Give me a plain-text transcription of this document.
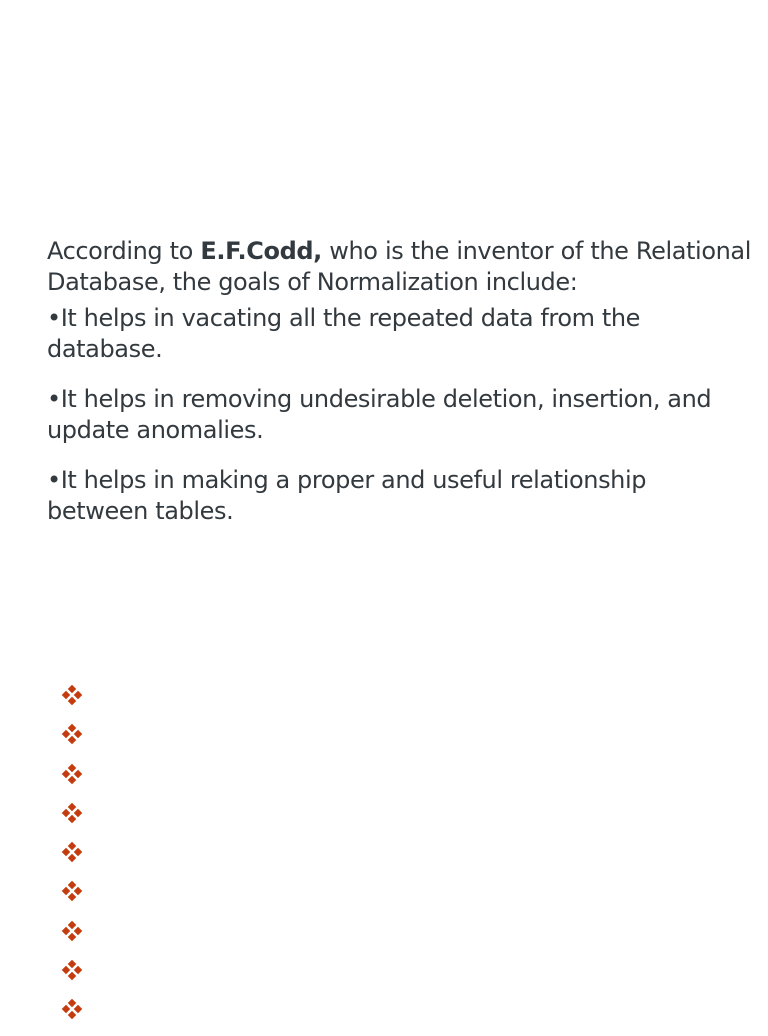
According to E.F.Codd, who is the inventor of the Relational Database, the goals of Normalization include:

•It helps in vacating all the repeated data from the database.

•It helps in removing undesirable deletion, insertion, and update anomalies.

•It helps in making a proper and useful relationship between tables.
